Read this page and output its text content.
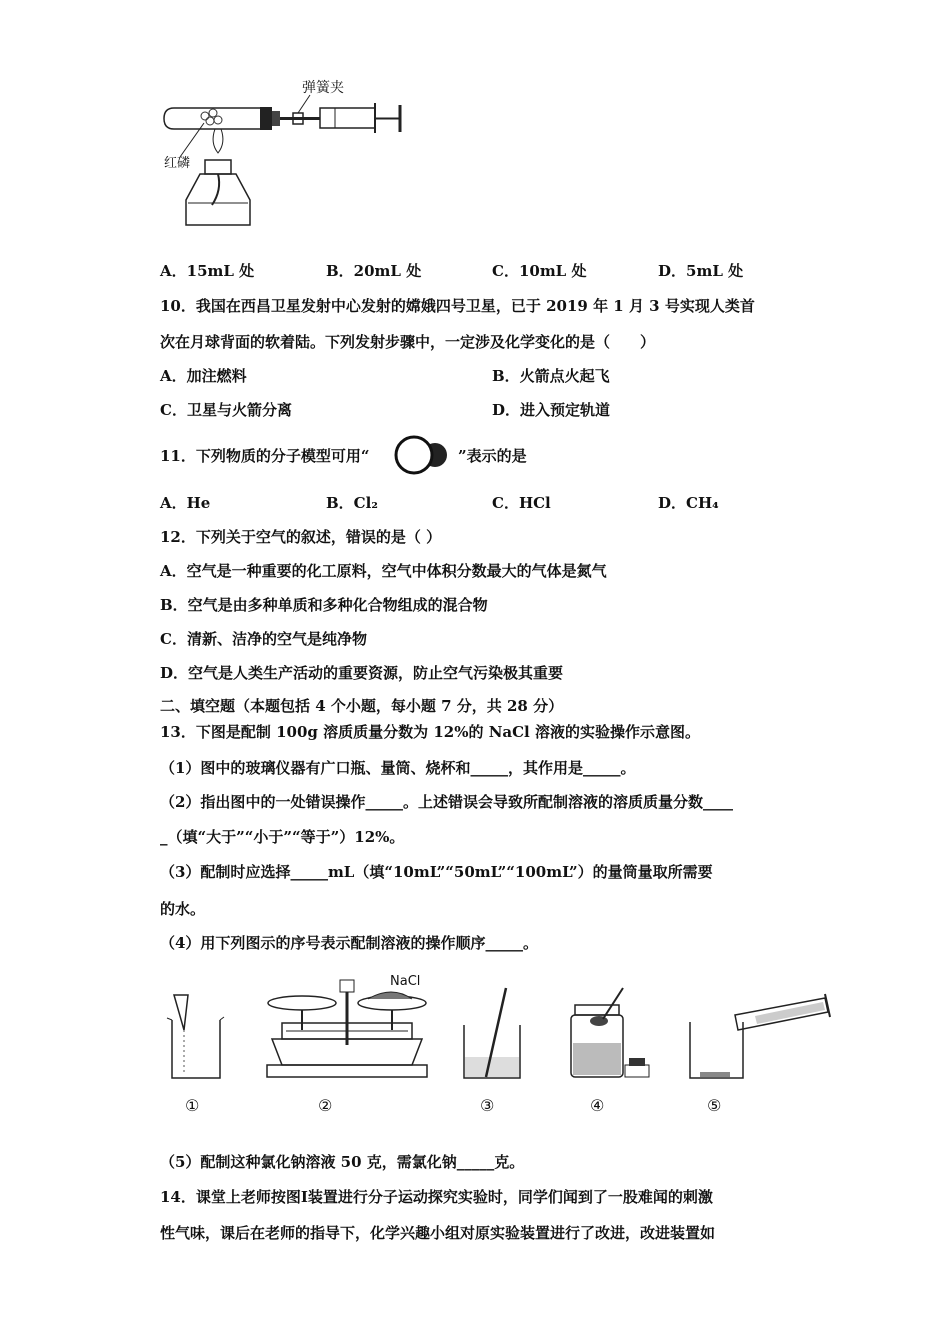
弹簧夹
红磷
A．15mL 处	B．20mL 处	C．10mL 处	D．5mL 处
10．我国在西昌卫星发射中心发射的嫦娥四号卫星，已于 2019 年 1 月 3 号实现人类首
次在月球背面的软着陆。下列发射步骤中，一定涉及化学变化的是（　　）
A．加注燃料	B．火箭点火起飞
C．卫星与火箭分离	D．进入预定轨道
11．下列物质的分子模型可用“	”表示的是
A．He	B．Cl₂	C．HCl	D．CH₄
12．下列关于空气的叙述，错误的是（ ）
A．空气是一种重要的化工原料，空气中体积分数最大的气体是氮气
B．空气是由多种单质和多种化合物组成的混合物
C．清新、洁净的空气是纯净物
D．空气是人类生产活动的重要资源，防止空气污染极其重要
二、填空题（本题包括 4 个小题，每小题 7 分，共 28 分）
13．下图是配制 100g 溶质质量分数为 12%的 NaCl 溶液的实验操作示意图。
（1）图中的玻璃仪器有广口瓶、量筒、烧杯和_____，其作用是_____。
（2）指出图中的一处错误操作_____。上述错误会导致所配制溶液的溶质质量分数____
_（填“大于”“小于”“等于”）12%。
（3）配制时应选择_____mL（填“10mL”“50mL”“100mL”）的量筒量取所需要
的水。
（4）用下列图示的序号表示配制溶液的操作顺序_____。
NaCl
①	②	③	④	⑤
（5）配制这种氯化钠溶液 50 克，需氯化钠_____克。
14．课堂上老师按图Ⅰ装置进行分子运动探究实验时，同学们闻到了一股难闻的刺激
性气味，课后在老师的指导下，化学兴趣小组对原实验装置进行了改进，改进装置如
